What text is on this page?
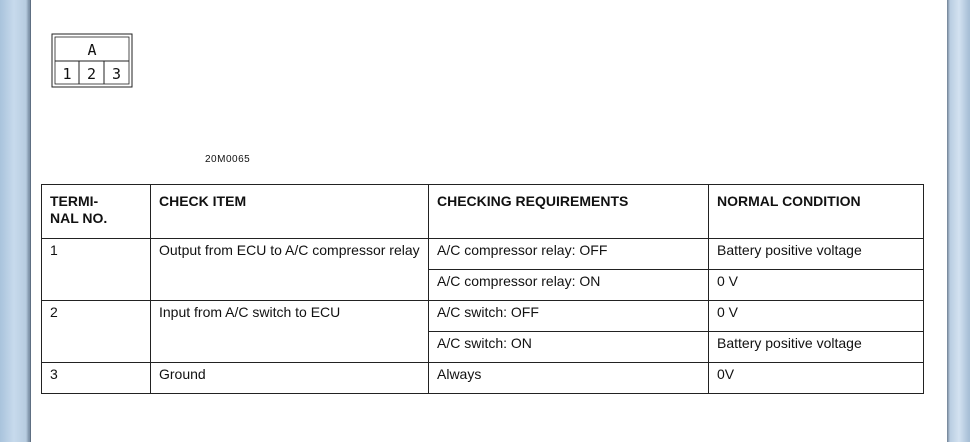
A
1 2 3
20M0065
TERMI-
NAL NO.	CHECK ITEM	CHECKING REQUIREMENTS	NORMAL CONDITION
1	Output from ECU to A/C compressor relay	A/C compressor relay: OFF	Battery positive voltage
		A/C compressor relay: ON	0 V
2	Input from A/C switch to ECU	A/C switch: OFF	0 V
		A/C switch: ON	Battery positive voltage
3	Ground	Always	0V
